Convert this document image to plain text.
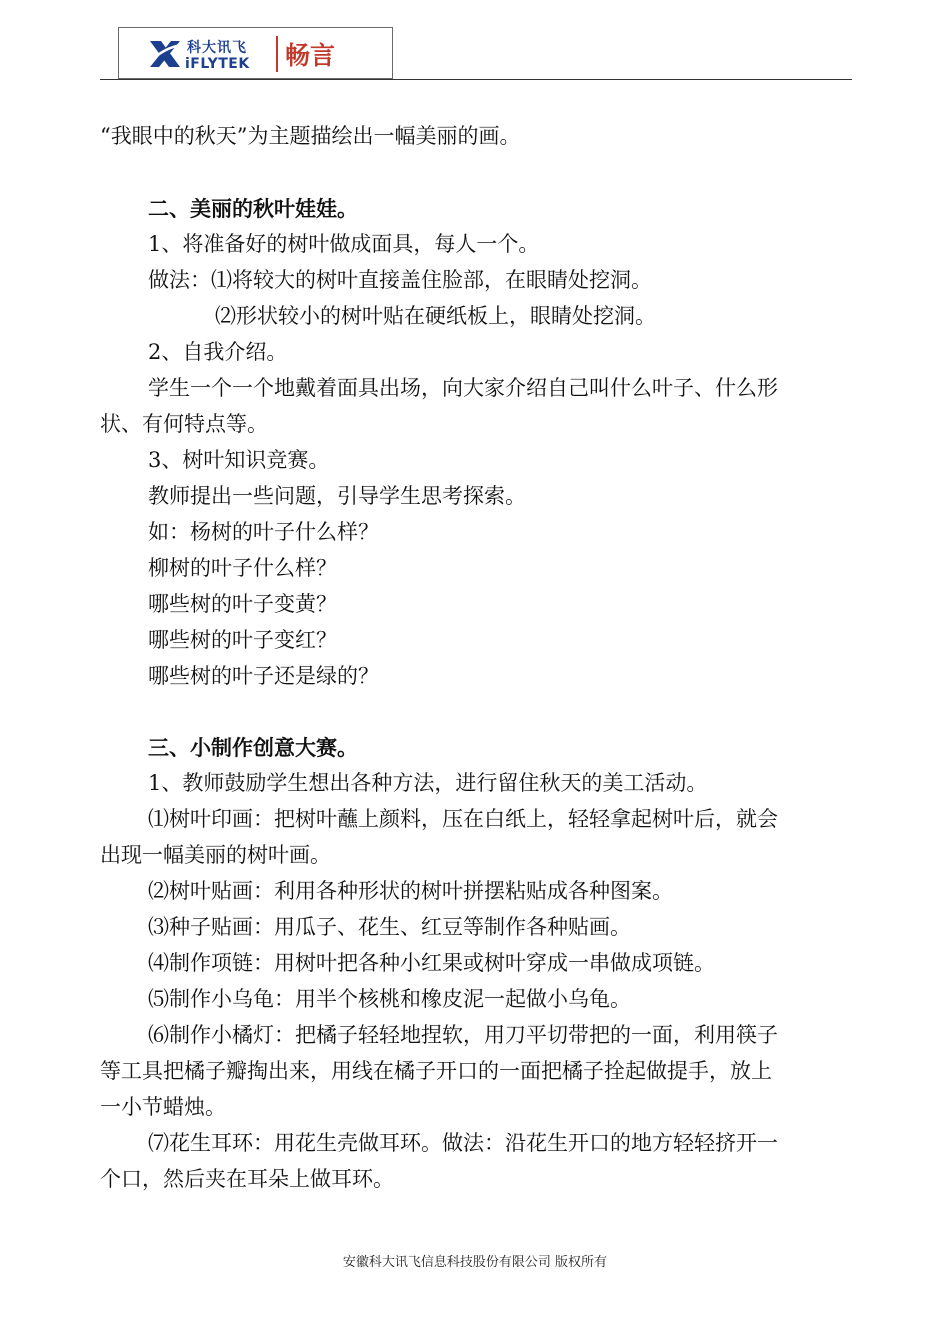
科大讯飞
iFLYTEK 畅言
“我眼中的秋天”为主题描绘出一幅美丽的画。
二、美丽的秋叶娃娃。
1、将准备好的树叶做成面具，每人一个。
做法：⑴将较大的树叶直接盖住脸部，在眼睛处挖洞。
⑵形状较小的树叶贴在硬纸板上，眼睛处挖洞。
2、自我介绍。
学生一个一个地戴着面具出场，向大家介绍自己叫什么叶子、什么形
状、有何特点等。
3、树叶知识竞赛。
教师提出一些问题，引导学生思考探索。
如：杨树的叶子什么样？
柳树的叶子什么样？
哪些树的叶子变黄？
哪些树的叶子变红？
哪些树的叶子还是绿的？
三、小制作创意大赛。
1、教师鼓励学生想出各种方法，进行留住秋天的美工活动。
⑴树叶印画：把树叶蘸上颜料，压在白纸上，轻轻拿起树叶后，就会
出现一幅美丽的树叶画。
⑵树叶贴画：利用各种形状的树叶拼摆粘贴成各种图案。
⑶种子贴画：用瓜子、花生、红豆等制作各种贴画。
⑷制作项链：用树叶把各种小红果或树叶穿成一串做成项链。
⑸制作小乌龟：用半个核桃和橡皮泥一起做小乌龟。
⑹制作小橘灯：把橘子轻轻地捏软，用刀平切带把的一面，利用筷子
等工具把橘子瓣掏出来，用线在橘子开口的一面把橘子拴起做提手，放上
一小节蜡烛。
⑺花生耳环：用花生壳做耳环。做法：沿花生开口的地方轻轻挤开一
个口，然后夹在耳朵上做耳环。
安徽科大讯飞信息科技股份有限公司 版权所有
